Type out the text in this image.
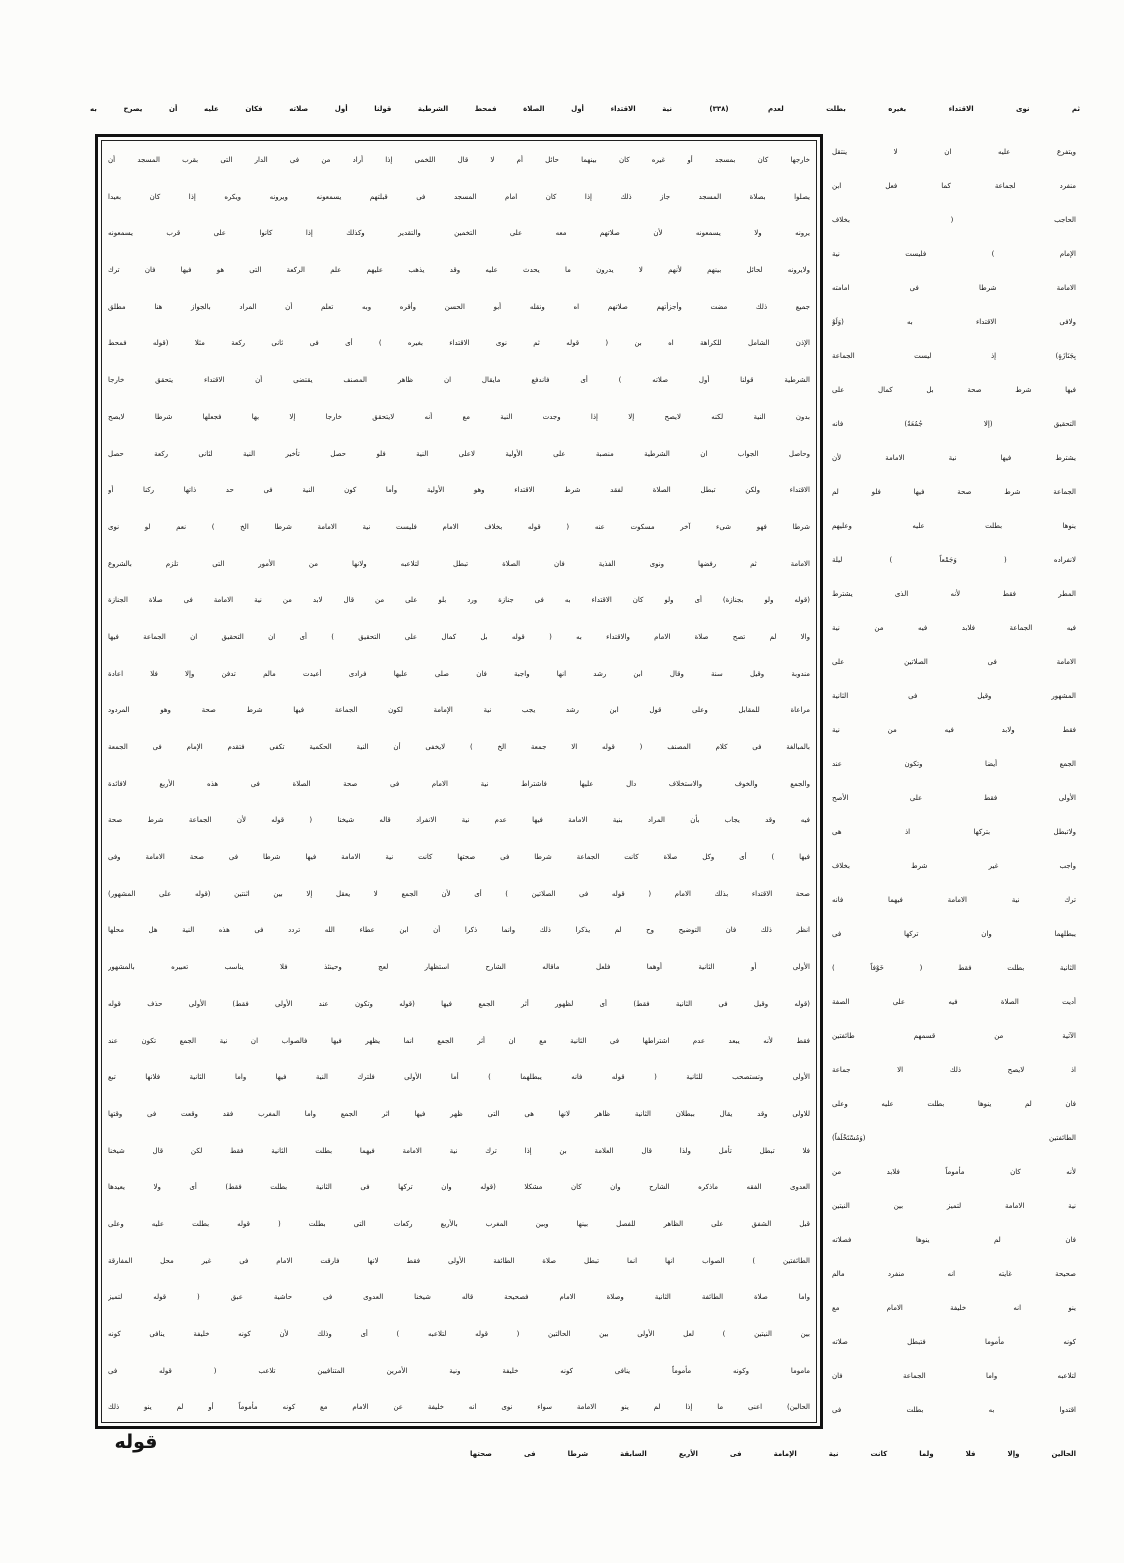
ثم نوى الاقتداء بغيره بطلت لعدم
(٣٣٨)
نية الاقتداء أول الصلاة فمحط الشرطية قولنا أول صلاته فكان عليه أن يصرح به
خارجها كان بمسجد أو غيره كان بينهما حائل أم لا قال اللخمى إذا أراد من فى الدار التى بقرب المسجد أن
يصلوا بصلاة المسجد جاز ذلك إذا كان امام المسجد فى قبلتهم يسمعونه ويرونه ويكره إذا كان بعيدا
يرونه ولا يسمعونه لأن صلاتهم معه على التخمين والتقدير وكذلك إذا كانوا على قرب يسمعونه
ولايرونه لحائل بينهم لأنهم لا يدرون ما يحدث عليه وقد يذهب عليهم علم الركعة التى هو فيها فان ترك
جميع ذلك مضت وأجزأتهم صلاتهم اه ونقله أبو الحسن وأقره وبه تعلم أن المراد بالجواز هنا مطلق
الإذن الشامل للكراهة اه بن ( قوله ثم نوى الاقتداء بغيره ) أى فى ثانى ركعة مثلا (قوله فمحط
الشرطية قولنا أول صلاته ) أى فاندفع مايقال ان ظاهر المصنف يقتضى أن الاقتداء يتحقق خارجا
بدون النية لكنه لايصح إلا إذا وجدت النية مع أنه لايتحقق خارجا إلا بها فجعلها شرطا لايصح
وحاصل الجواب ان الشرطية منصبة على الأولية لاعلى النية فلو حصل تأخير النية لثانى ركعة حصل
الاقتداء ولكن تبطل الصلاة لفقد شرط الاقتداء وهو الأولية وأما كون النية فى حد ذاتها ركنا أو
شرطا فهو شىء آخر مسكوت عنه ( قوله بخلاف الامام فليست نية الامامة شرطا الخ ) نعم لو نوى
الامامة ثم رفضها ونوى الفذية فان الصلاة تبطل لتلاعبه ولانها من الأمور التى تلزم بالشروع
(قوله ولو بجنازة) أى ولو كان الاقتداء به فى جنازة ورد بلو على من قال لابد من نية الامامة فى صلاة الجنازة
والا لم تصح صلاة الامام والاقتداء به ( قوله بل كمال على التحقيق ) أى ان التحقيق ان الجماعة فيها
مندوبة وقيل سنة وقال ابن رشد انها واجبة فان صلى عليها فرادى أعيدت مالم تدفن وإلا فلا اعادة
مراعاة للمقابل وعلى قول ابن رشد يجب نية الإمامة لكون الجماعة فيها شرط صحة وهو المردود
بالمبالغة فى كلام المصنف ( قوله الا جمعة الخ ) لايخفى أن النية الحكمية تكفى فتقدم الإمام فى الجمعة
والجمع والخوف والاستخلاف دال عليها فاشتراط نية الامام فى صحة الصلاة فى هذه الأربع لافائدة
فيه وقد يجاب بأن المراد بنية الامامة فيها عدم نية الانفراد قاله شيخنا ( قوله لأن الجماعة شرط صحة
فيها ) أى وكل صلاة كانت الجماعة شرطا فى صحتها كانت نية الامامة فيها شرطا فى صحة الامامة وفى
صحة الاقتداء بذلك الامام ( قوله فى الصلاتين ) أى لأن الجمع لا يعقل إلا بين اثنتين (قوله على المشهور)
انظر ذلك فان التوضيح وح لم يذكرا ذلك وانما ذكرا أن ابن عطاء الله تردد فى هذه النية هل محلها
الأولى أو الثانية أوهما فلعل ماقاله الشارح استظهار لعج وحينئذ فلا يناسب تعبيره بالمشهور
(قوله وقيل فى الثانية فقط) أى لظهور أثر الجمع فيها (قوله وتكون عند الأولى فقط) الأولى حذف قوله
فقط لأنه يبعد عدم اشتراطها فى الثانية مع ان أثر الجمع انما يظهر فيها فالصواب ان نية الجمع تكون عند
الأولى وتستصحب للثانية ( قوله فانه يبطلهما ) أما الأولى فلترك النية فيها واما الثانية فلانها تبع
للاولى وقد يقال ببطلان الثانية ظاهر لانها هى التى ظهر فيها اثر الجمع واما المغرب فقد وقعت فى وقتها
فلا تبطل تأمل ولذا قال العلامة بن إذا ترك نية الامامة فيهما بطلت الثانية فقط لكن قال شيخنا
العدوى الفقه ماذكره الشارح وان كان مشكلا (قوله وان تركها فى الثانية بطلت فقط) أى ولا يعيدها
قبل الشفق على الظاهر للفصل بينها وبين المغرب بالأربع ركعات التى بطلت ( قوله بطلت عليه وعلى
الطائفتين ) الصواب انها انما تبطل صلاة الطائفة الأولى فقط لانها فارقت الامام فى غير محل المفارقة
واما صلاة الطائفة الثانية وصلاة الامام فصحيحة قاله شيخنا العدوى فى حاشية عبق ( قوله لتميز
بين النيتين ) لعل الأولى بين الحالتين ( قوله لتلاعبه ) أى وذلك لأن كونه خليفة ينافى كونه
ماموما وكونه مأموماً ينافى كونه خليفة ونية الأمرين المتنافيين تلاعب ( قوله فى
الحالين) اعنى ما إذا لم ينو الامامة سواء نوى انه خليفة عن الامام مع كونه مأموماً أو لم ينو ذلك
ويتفرع عليه ان لا ينتقل
منفرد لجماعة كما فعل ابن
الحاجب ( بخلاف
الإمام ) فليست نية
الامامة شرطا فى امامته
ولافى الاقتداء به (وَلَوْ
بِجَنَازَةٍ) إذ ليست الجماعة
فيها شرط صحة بل كمال على
التحقيق (إلا جُمُعَةً) فانه
يشترط فيها نية الامامة لأن
الجماعة شرط صحة فيها فلو لم
ينوها بطلت عليه وعليهم
لانفراده ( وَجَمْعاً ) ليلة
المطر فقط لأنه الذى يشترط
فيه الجماعة فلابد فيه من نية
الامامة فى الصلاتين على
المشهور وقيل فى الثانية
فقط ولابد فيه من نية
الجمع أيضا وتكون عند
الأولى فقط على الأصح
ولاتبطل بتركها اذ هى
واجب غير شرط بخلاف
ترك نية الامامة فيهما فانه
يبطلهما وان تركها فى
الثانية بطلت فقط ( خَوْفاً )
أديت الصلاة فيه على الصفة
الآتية من قسمهم طائفتين
اذ لايصح ذلك الا جماعة
فان لم ينوها بطلت عليه وعلى
الطائفتين (وَمُسْتَخْلَفاً)
لأنه كان مأموماً فلابد من
نية الامامة لتميز بين النيتين
فان لم ينوها فصلاته
صحيحة غايته انه منفرد مالم
ينو انه خليفة الامام مع
كونه مأموما فتبطل صلاته
لتلاعبه واما الجماعة فان
اقتدوا به بطلت فى
الحالين وإلا فلا ولما كانت نية الإمامة فى الأربع السابقة شرطا فى صحتها
قوله
